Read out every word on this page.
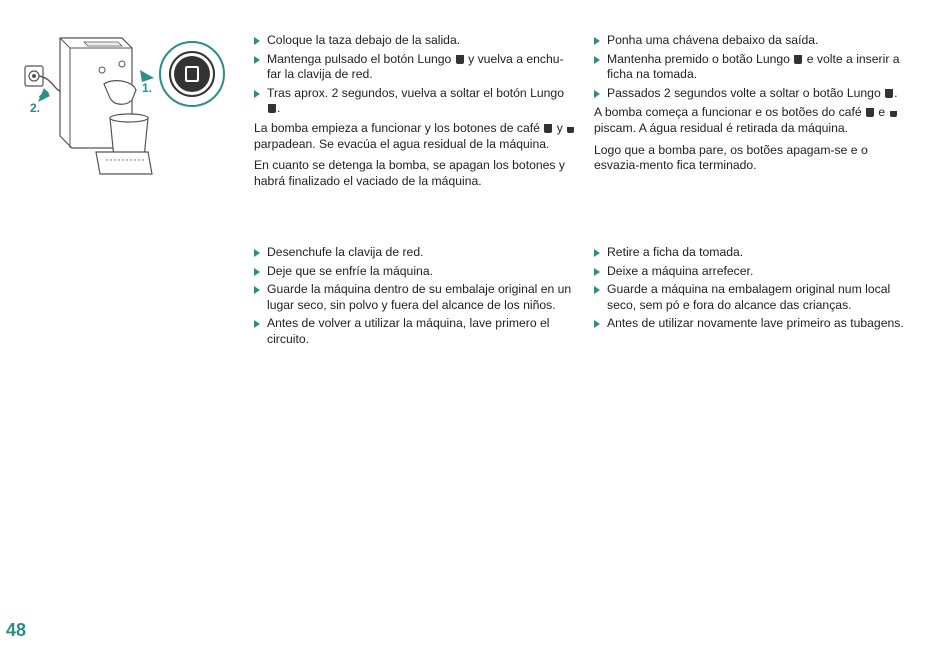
1.
2.
Coloque la taza debajo de la salida.
Mantenga pulsado el botón Lungo y vuelva a enchu-far la clavija de red.
Tras aprox. 2 segundos, vuelva a soltar el botón Lungo .

La bomba empieza a funcionar y los botones de café y  parpadean. Se evacúa el agua residual de la máquina.

En cuanto se detenga la bomba, se apagan los botones y habrá finalizado el vaciado de la máquina.

Ponha uma chávena debaixo da saída.
Mantenha premido o botão Lungo e volte a inserir a ficha na tomada.
Passados 2 segundos volte a soltar o botão Lungo .

A bomba começa a funcionar e os botões do café e  piscam. A água residual é retirada da máquina.

Logo que a bomba pare, os botões apagam-se e o esvazia-mento fica terminado.

Desenchufe la clavija de red.
Deje que se enfríe la máquina.
Guarde la máquina dentro de su embalaje original en un lugar seco, sin polvo y fuera del alcance de los niños.
Antes de volver a utilizar la máquina, lave primero el circuito.
Retire a ficha da tomada.
Deixe a máquina arrefecer.
Guarde a máquina na embalagem original num local seco, sem pó e fora do alcance das crianças.
Antes de utilizar novamente lave primeiro as tubagens.
48
